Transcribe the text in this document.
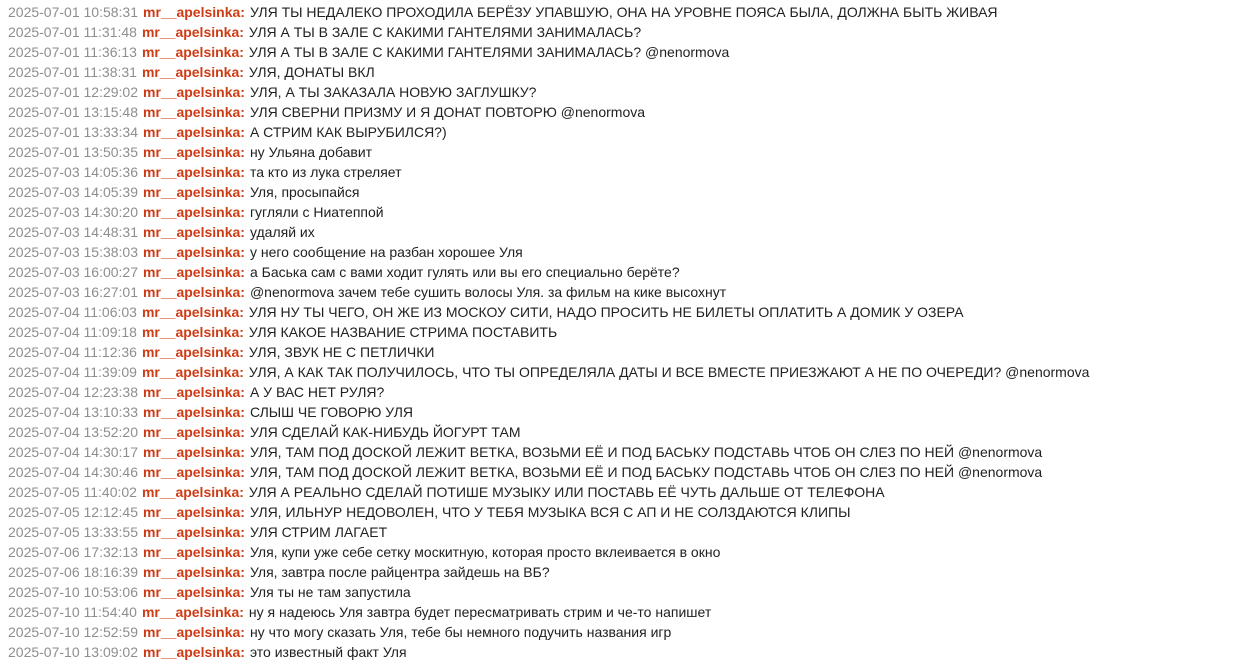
2025-07-01 10:58:31 mr__apelsinka: УЛЯ ТЫ НЕДАЛЕКО ПРОХОДИЛА БЕРЁЗУ УПАВШУЮ, ОНА НА УРОВНЕ ПОЯСА БЫЛА, ДОЛЖНА БЫТЬ ЖИВАЯ
2025-07-01 11:31:48 mr__apelsinka: УЛЯ А ТЫ В ЗАЛЕ С КАКИМИ ГАНТЕЛЯМИ ЗАНИМАЛАСЬ?
2025-07-01 11:36:13 mr__apelsinka: УЛЯ А ТЫ В ЗАЛЕ С КАКИМИ ГАНТЕЛЯМИ ЗАНИМАЛАСЬ? @nenormova
2025-07-01 11:38:31 mr__apelsinka: УЛЯ, ДОНАТЫ ВКЛ
2025-07-01 12:29:02 mr__apelsinka: УЛЯ, А ТЫ ЗАКАЗАЛА НОВУЮ ЗАГЛУШКУ?
2025-07-01 13:15:48 mr__apelsinka: УЛЯ СВЕРНИ ПРИЗМУ И Я ДОНАТ ПОВТОРЮ @nenormova
2025-07-01 13:33:34 mr__apelsinka: А СТРИМ КАК ВЫРУБИЛСЯ?)
2025-07-01 13:50:35 mr__apelsinka: ну Ульяна добавит
2025-07-03 14:05:36 mr__apelsinka: та кто из лука стреляет
2025-07-03 14:05:39 mr__apelsinka: Уля, просыпайся
2025-07-03 14:30:20 mr__apelsinka: гугляли с Ниатеппой
2025-07-03 14:48:31 mr__apelsinka: удаляй их
2025-07-03 15:38:03 mr__apelsinka: у него сообщение на разбан хорошее Уля
2025-07-03 16:00:27 mr__apelsinka: а Баська сам с вами ходит гулять или вы его специально берёте?
2025-07-03 16:27:01 mr__apelsinka: @nenormova зачем тебе сушить волосы Уля. за фильм на кике высохнут
2025-07-04 11:06:03 mr__apelsinka: УЛЯ НУ ТЫ ЧЕГО, ОН ЖЕ ИЗ МОСКОУ СИТИ, НАДО ПРОСИТЬ НЕ БИЛЕТЫ ОПЛАТИТЬ А ДОМИК У ОЗЕРА
2025-07-04 11:09:18 mr__apelsinka: УЛЯ КАКОЕ НАЗВАНИЕ СТРИМА ПОСТАВИТЬ
2025-07-04 11:12:36 mr__apelsinka: УЛЯ, ЗВУК НЕ С ПЕТЛИЧКИ
2025-07-04 11:39:09 mr__apelsinka: УЛЯ, А КАК ТАК ПОЛУЧИЛОСЬ, ЧТО ТЫ ОПРЕДЕЛЯЛА ДАТЫ И ВСЕ ВМЕСТЕ ПРИЕЗЖАЮТ А НЕ ПО ОЧЕРЕДИ? @nenormova
2025-07-04 12:23:38 mr__apelsinka: А У ВАС НЕТ РУЛЯ?
2025-07-04 13:10:33 mr__apelsinka: СЛЫШ ЧЕ ГОВОРЮ УЛЯ
2025-07-04 13:52:20 mr__apelsinka: УЛЯ СДЕЛАЙ КАК-НИБУДЬ ЙОГУРТ ТАМ
2025-07-04 14:30:17 mr__apelsinka: УЛЯ, ТАМ ПОД ДОСКОЙ ЛЕЖИТ ВЕТКА, ВОЗЬМИ ЕЁ И ПОД БАСЬКУ ПОДСТАВЬ ЧТОБ ОН СЛЕЗ ПО НЕЙ @nenormova
2025-07-04 14:30:46 mr__apelsinka: УЛЯ, ТАМ ПОД ДОСКОЙ ЛЕЖИТ ВЕТКА, ВОЗЬМИ ЕЁ И ПОД БАСЬКУ ПОДСТАВЬ ЧТОБ ОН СЛЕЗ ПО НЕЙ @nenormova
2025-07-05 11:40:02 mr__apelsinka: УЛЯ А РЕАЛЬНО СДЕЛАЙ ПОТИШЕ МУЗЫКУ ИЛИ ПОСТАВЬ ЕЁ ЧУТЬ ДАЛЬШЕ ОТ ТЕЛЕФОНА
2025-07-05 12:12:45 mr__apelsinka: УЛЯ, ИЛЬНУР НЕДОВОЛЕН, ЧТО У ТЕБЯ МУЗЫКА ВСЯ С АП И НЕ СОЛЗДАЮТСЯ КЛИПЫ
2025-07-05 13:33:55 mr__apelsinka: УЛЯ СТРИМ ЛАГАЕТ
2025-07-06 17:32:13 mr__apelsinka: Уля, купи уже себе сетку москитную, которая просто вклеивается в окно
2025-07-06 18:16:39 mr__apelsinka: Уля, завтра после райцентра зайдешь на ВБ?
2025-07-10 10:53:06 mr__apelsinka: Уля ты не там запустила
2025-07-10 11:54:40 mr__apelsinka: ну я надеюсь Уля завтра будет пересматривать стрим и че-то напишет
2025-07-10 12:52:59 mr__apelsinka: ну что могу сказать Уля, тебе бы немного подучить названия игр
2025-07-10 13:09:02 mr__apelsinka: это известный факт Уля
